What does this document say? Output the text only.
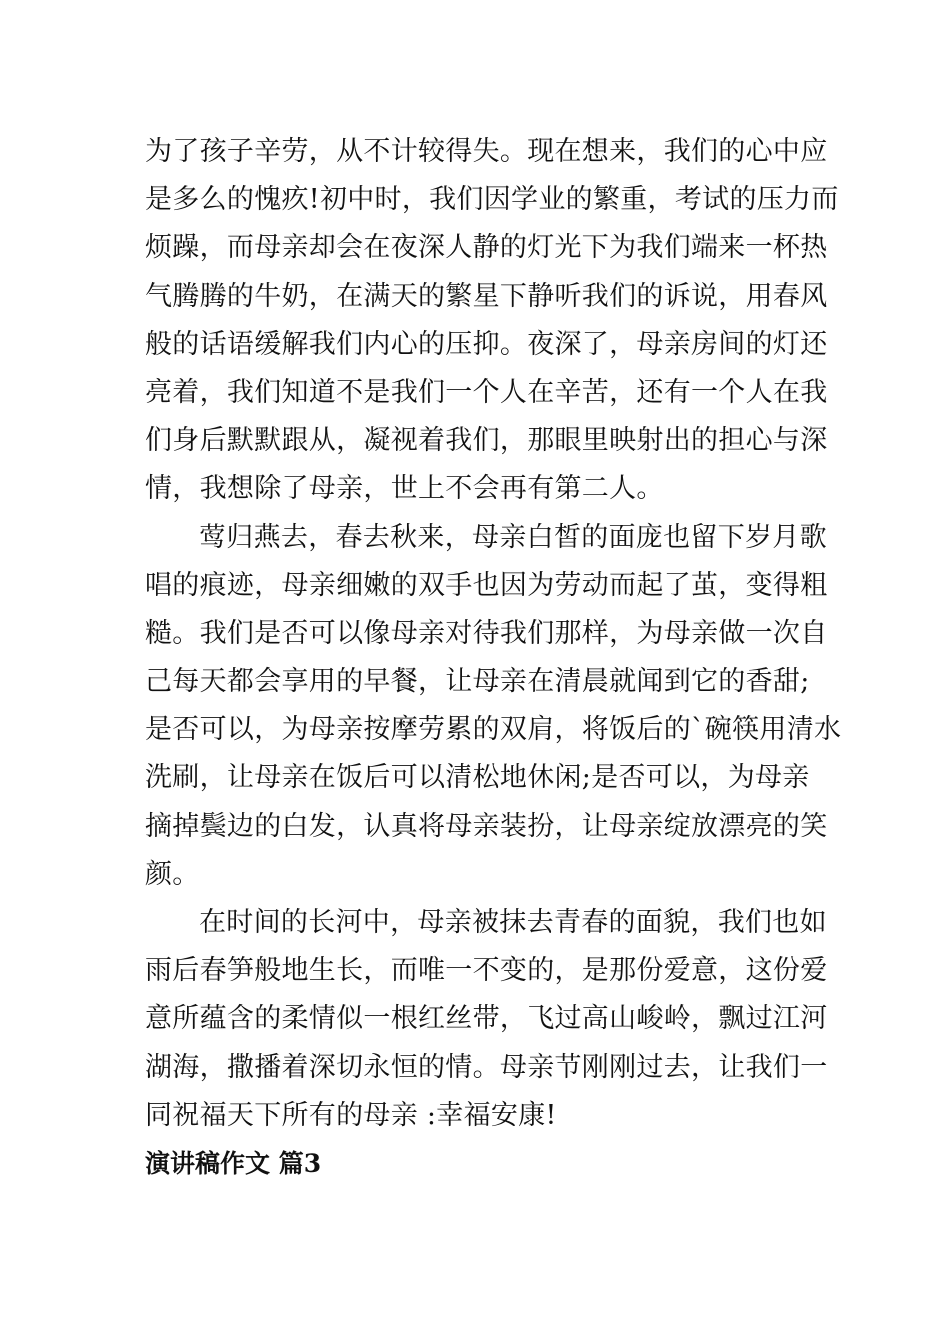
为了孩子辛劳，从不计较得失。现在想来，我们的心中应
是多么的愧疚!初中时，我们因学业的繁重，考试的压力而
烦躁，而母亲却会在夜深人静的灯光下为我们端来一杯热
气腾腾的牛奶，在满天的繁星下静听我们的诉说，用春风
般的话语缓解我们内心的压抑。夜深了，母亲房间的灯还
亮着，我们知道不是我们一个人在辛苦，还有一个人在我
们身后默默跟从，凝视着我们，那眼里映射出的担心与深
情，我想除了母亲，世上不会再有第二人。

莺归燕去，春去秋来，母亲白皙的面庞也留下岁月歌
唱的痕迹，母亲细嫩的双手也因为劳动而起了茧，变得粗
糙。我们是否可以像母亲对待我们那样，为母亲做一次自
己每天都会享用的早餐，让母亲在清晨就闻到它的香甜;
是否可以，为母亲按摩劳累的双肩，将饭后的`碗筷用清水
洗刷，让母亲在饭后可以清松地休闲;是否可以，为母亲
摘掉鬓边的白发，认真将母亲装扮，让母亲绽放漂亮的笑
颜。

在时间的长河中，母亲被抹去青春的面貌，我们也如
雨后春笋般地生长，而唯一不变的，是那份爱意，这份爱
意所蕴含的柔情似一根红丝带，飞过高山峻岭，飘过江河
湖海，撒播着深切永恒的情。母亲节刚刚过去，让我们一
同祝福天下所有的母亲 :幸福安康!

演讲稿作文 篇3
